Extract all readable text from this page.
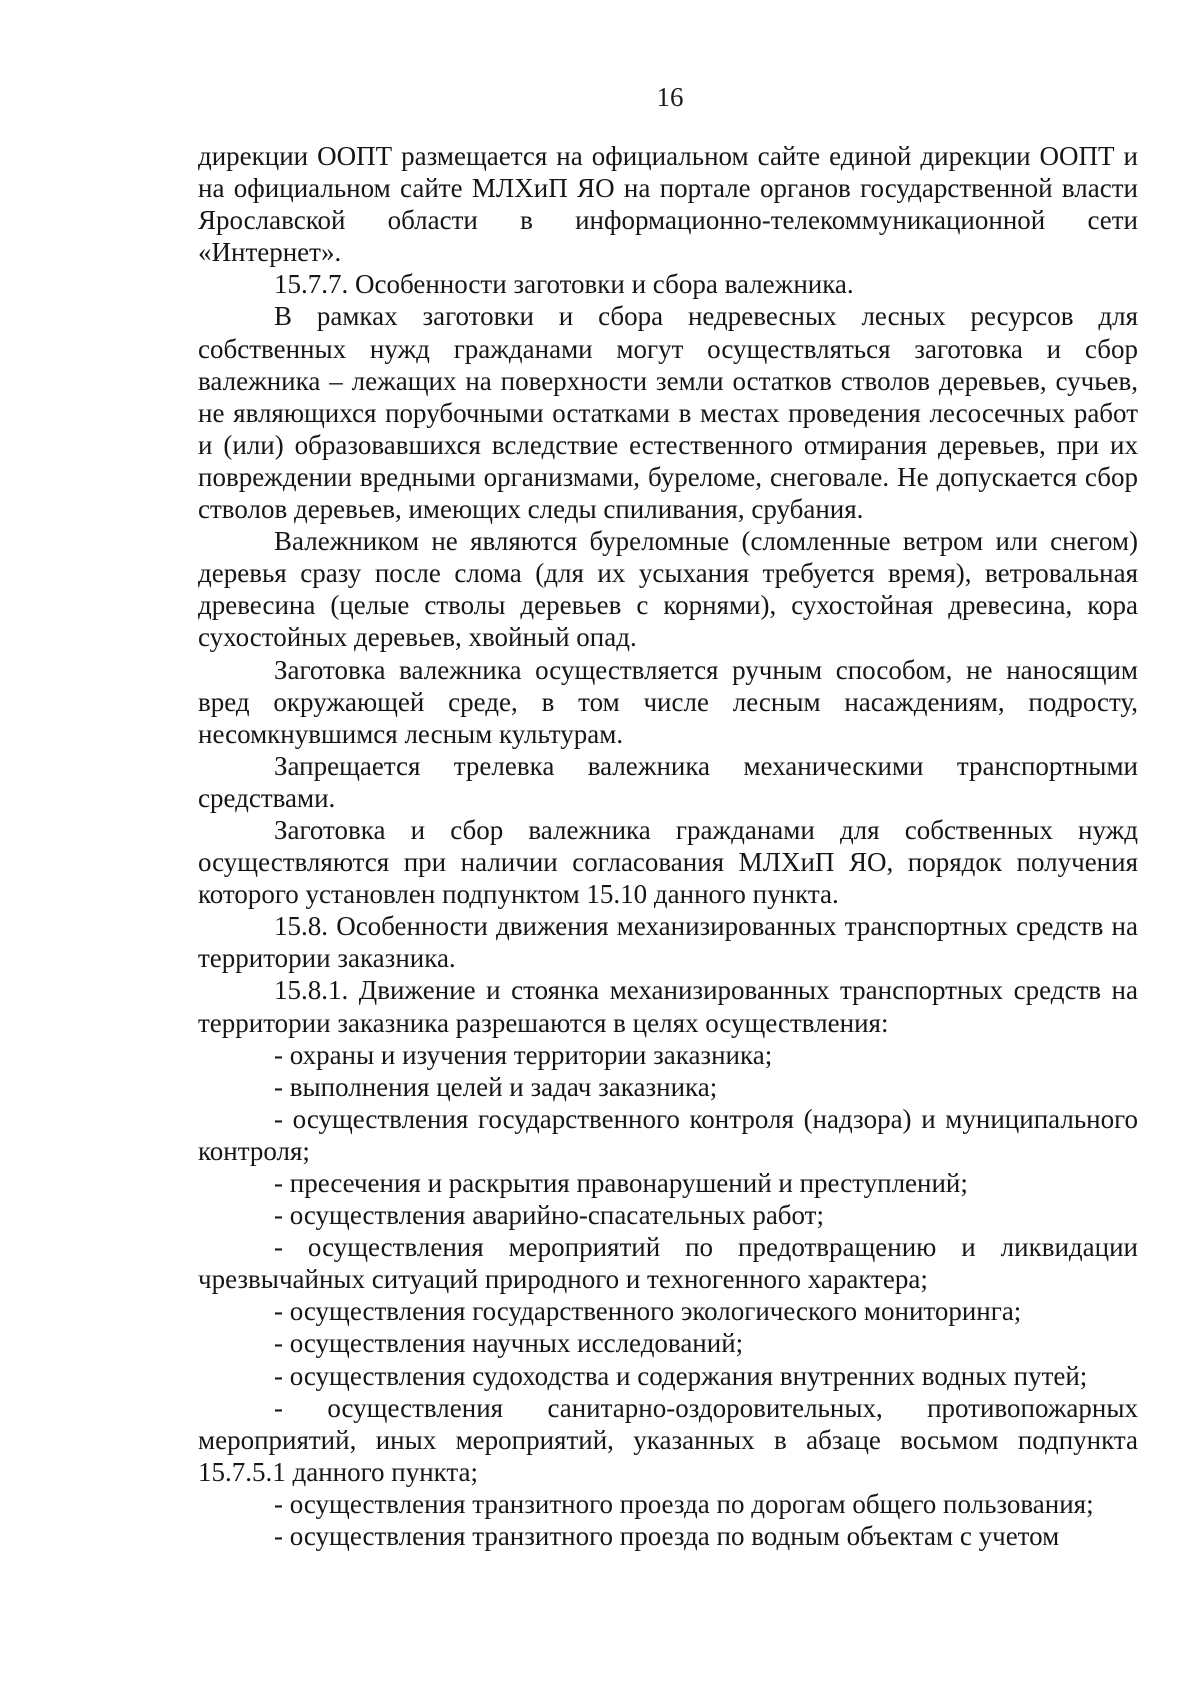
16

дирекции ООПТ размещается на официальном сайте единой дирекции ООПТ и на официальном сайте МЛХиП ЯО на портале органов государственной власти Ярославской области в информационно-телекоммуникационной сети «Интернет».

15.7.7. Особенности заготовки и сбора валежника.

В рамках заготовки и сбора недревесных лесных ресурсов для собственных нужд гражданами могут осуществляться заготовка и сбор валежника – лежащих на поверхности земли остатков стволов деревьев, сучьев, не являющихся порубочными остатками в местах проведения лесосечных работ и (или) образовавшихся вследствие естественного отмирания деревьев, при их повреждении вредными организмами, буреломе, снеговале. Не допускается сбор стволов деревьев, имеющих следы спиливания, срубания.

Валежником не являются буреломные (сломленные ветром или снегом) деревья сразу после слома (для их усыхания требуется время), ветровальная древесина (целые стволы деревьев с корнями), сухостойная древесина, кора сухостойных деревьев, хвойный опад.

Заготовка валежника осуществляется ручным способом, не наносящим вред окружающей среде, в том числе лесным насаждениям, подросту, несомкнувшимся лесным культурам.

Запрещается трелевка валежника механическими транспортными средствами.

Заготовка и сбор валежника гражданами для собственных нужд осуществляются при наличии согласования МЛХиП ЯО, порядок получения которого установлен подпунктом 15.10 данного пункта.

15.8. Особенности движения механизированных транспортных средств на территории заказника.

15.8.1. Движение и стоянка механизированных транспортных средств на территории заказника разрешаются в целях осуществления:

- охраны и изучения территории заказника;

- выполнения целей и задач заказника;

- осуществления государственного контроля (надзора) и муниципального контроля;

- пресечения и раскрытия правонарушений и преступлений;

- осуществления аварийно-спасательных работ;

- осуществления мероприятий по предотвращению и ликвидации чрезвычайных ситуаций природного и техногенного характера;

- осуществления государственного экологического мониторинга;

- осуществления научных исследований;

- осуществления судоходства и содержания внутренних водных путей;

- осуществления санитарно-оздоровительных, противопожарных мероприятий, иных мероприятий, указанных в абзаце восьмом подпункта 15.7.5.1 данного пункта;

- осуществления транзитного проезда по дорогам общего пользования;

- осуществления транзитного проезда по водным объектам с учетом
